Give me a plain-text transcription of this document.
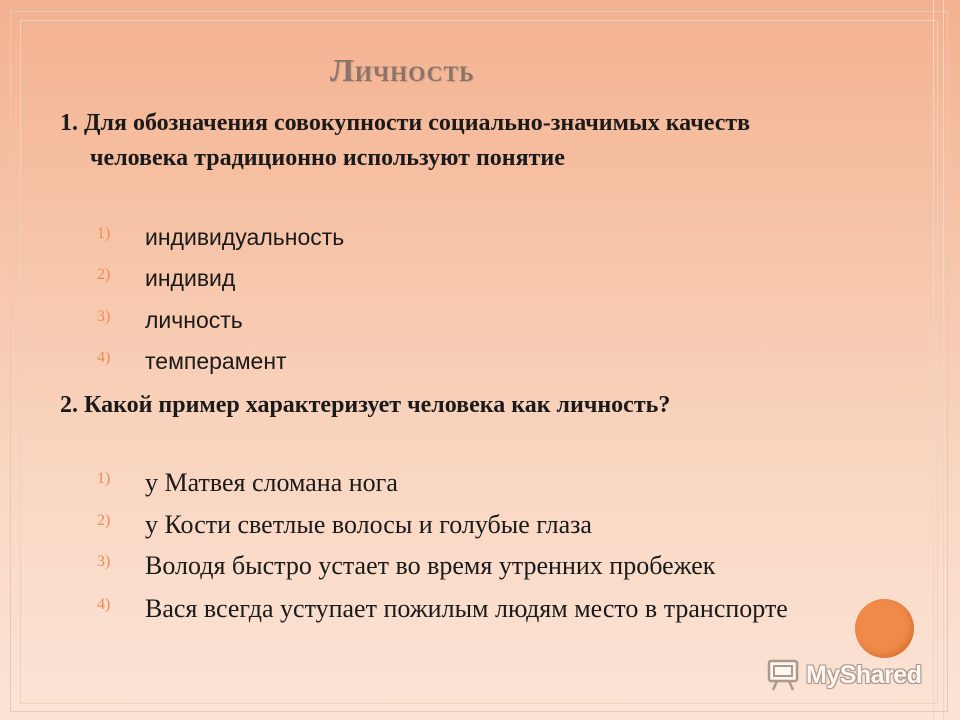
Личность

1. Для обозначения совокупности социально-значимых качеств человека традиционно используют понятие

1)	индивидуальность
2)	индивид
3)	личность
4)	темперамент

2. Какой пример характеризует человека как личность?

1)	у Матвея сломана нога
2)	у Кости светлые волосы и голубые глаза
3)	Володя быстро устает во время утренних пробежек
4)	Вася всегда уступает пожилым людям место в транспорте
MyShared
